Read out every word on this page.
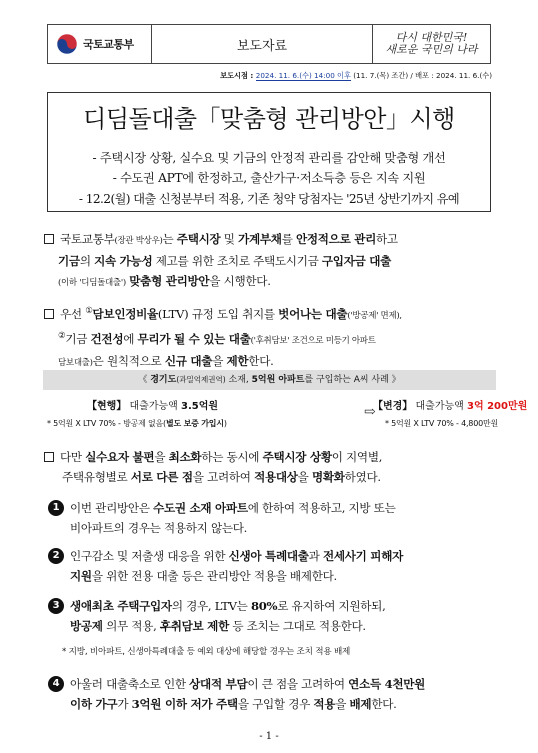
국토교통부	보도자료
다시 대한민국!
새로운 국민의 나라
보도시점 : 2024. 11. 6.(수) 14:00 이후 (11. 7.(목) 조간) / 배포 : 2024. 11. 6.(수)
디딤돌대출「맞춤형 관리방안」시행
- 주택시장 상황, 실수요 및 기금의 안정적 관리를 감안해 맞춤형 개선
- 수도권 APT에 한정하고, 출산가구·저소득층 등은 지속 지원
- 12.2(월) 대출 신청분부터 적용, 기존 청약 당첨자는 '25년 상반기까지 유예
국토교통부(장관 박상우)는 주택시장 및 가계부채를 안정적으로 관리하고
기금의 지속 가능성 제고를 위한 조치로 주택도시기금 구입자금 대출
(이하 '디딤돌대출') 맞춤형 관리방안을 시행한다.
우선 ①담보인정비율(LTV) 규정 도입 취지를 벗어나는 대출('방공제' 면제),
②기금 건전성에 무리가 될 수 있는 대출('후취담보' 조건으로 미등기 아파트
담보대출)은 원칙적으로 신규 대출을 제한한다.
《 경기도(과밀억제권역) 소재, 5억원 아파트를 구입하는 A씨 사례 》
【현행】 대출가능액 3.5억원
* 5억원 X LTV 70% - 방공제 없음(별도 보증 가입시)
⇨
【변경】 대출가능액 3억 200만원
* 5억원 X LTV 70% - 4,800만원
다만 실수요자 불편을 최소화하는 동시에 주택시장 상황이 지역별,
주택유형별로 서로 다른 점을 고려하여 적용대상을 명확화하였다.
1 이번 관리방안은 수도권 소재 아파트에 한하여 적용하고, 지방 또는
비아파트의 경우는 적용하지 않는다.
2 인구감소 및 저출생 대응을 위한 신생아 특례대출과 전세사기 피해자
지원을 위한 전용 대출 등은 관리방안 적용을 배제한다.
3 생애최초 주택구입자의 경우, LTV는 80%로 유지하여 지원하되,
방공제 의무 적용, 후취담보 제한 등 조치는 그대로 적용한다.
* 지방, 비아파트, 신생아특례대출 등 예외 대상에 해당할 경우는 조치 적용 배제
4 아울러 대출축소로 인한 상대적 부담이 큰 점을 고려하여 연소득 4천만원
이하 가구가 3억원 이하 저가 주택을 구입할 경우 적용을 배제한다.
- 1 -
